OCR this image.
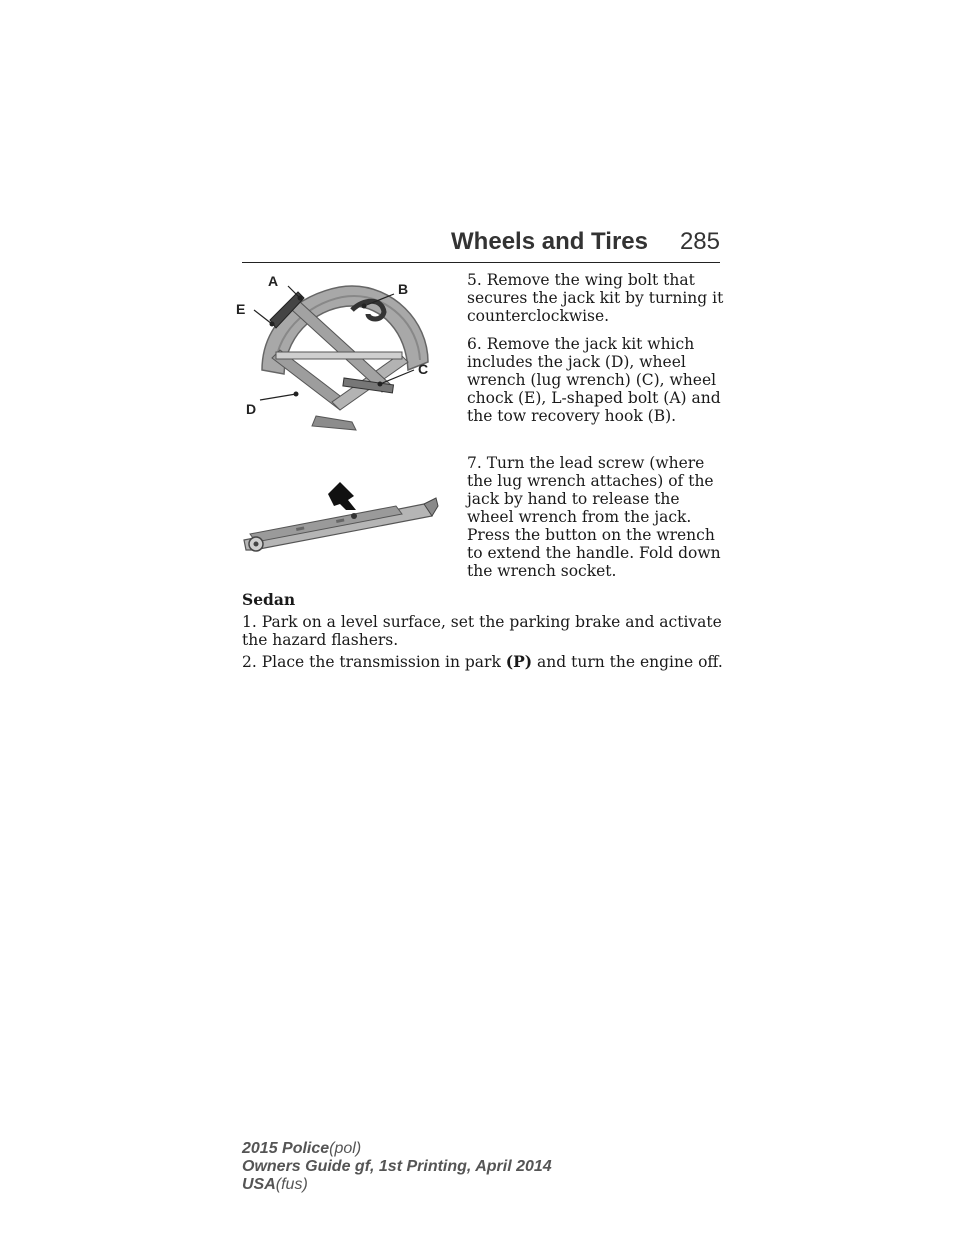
Wheels and Tires 285
A	B
C
D
E

5. Remove the wing bolt that secures the jack kit by turning it counterclockwise.

6. Remove the jack kit which includes the jack (D), wheel wrench (lug wrench) (C), wheel chock (E), L-shaped bolt (A) and the tow recovery hook (B).

7. Turn the lead screw (where the lug wrench attaches) of the jack by hand to release the wheel wrench from the jack. Press the button on the wrench to extend the handle. Fold down the wrench socket.

Sedan
1. Park on a level surface, set the parking brake and activate the hazard flashers.
2. Place the transmission in park (P) and turn the engine off.
2015 Police(pol)
Owners Guide gf, 1st Printing, April 2014
USA(fus)
